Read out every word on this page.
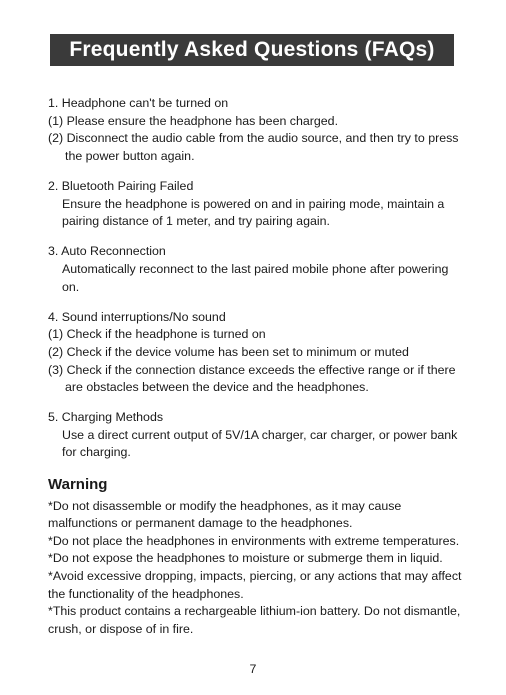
Frequently Asked Questions (FAQs)

1. Headphone can't be turned on

(1) Please ensure the headphone has been charged.

(2) Disconnect the audio cable from the audio source, and then try to press the power button again.

2. Bluetooth Pairing Failed

Ensure the headphone is powered on and in pairing mode, maintain a pairing distance of 1 meter, and try pairing again.

3. Auto Reconnection

Automatically reconnect to the last paired mobile phone after powering on.

4. Sound interruptions/No sound

(1) Check if the headphone is turned on

(2) Check if the device volume has been set to minimum or muted

(3) Check if the connection distance exceeds the effective range or if there are obstacles between the device and the headphones.

5. Charging Methods

Use a direct current output of 5V/1A charger, car charger, or power bank for charging.

Warning

*Do not disassemble or modify the headphones, as it may cause malfunctions or permanent damage to the headphones.

*Do not place the headphones in environments with extreme temperatures.

*Do not expose the headphones to moisture or submerge them in liquid.

*Avoid excessive dropping, impacts, piercing, or any actions that may affect the functionality of the headphones.

*This product contains a rechargeable lithium-ion battery. Do not dismantle, crush, or dispose of in fire.

7
